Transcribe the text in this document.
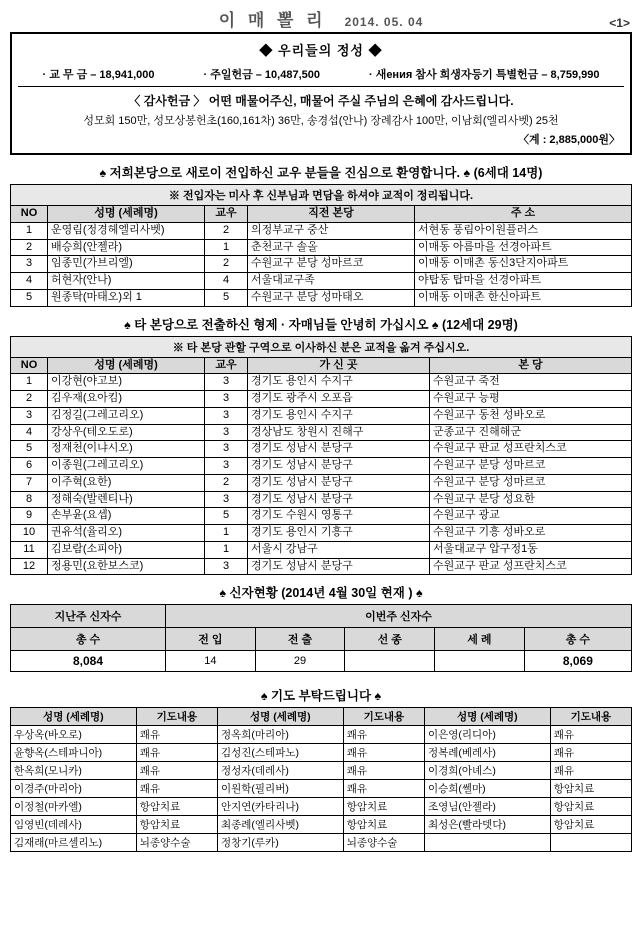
이 매 뽈 리 2014. 05. 04	<1>
◆ 우리들의 정성 ◆
· 교 무 금 – 18,941,000	· 주일헌금 – 10,487,500	· 새ения 참사 희생자등기 특별헌금 – 8,759,990
〈 감사헌금 〉 어떤 매물어주신, 매물어 주실 주님의 은혜에 감사드립니다.
성모회 150만, 성모상봉헌초(160,161차) 36만, 송경섭(안나) 장례감사 100만, 이남회(엘리사벳) 25천
〈계 : 2,885,000원〉
♠ 저희본당으로 새로이 전입하신 교우 분들을 진심으로 환영합니다. ♠ (6세대 14명)
※ 전입자는 미사 후 신부님과 면담을 하셔야 교적이 정리됩니다.
NO	성명 (세례명)	교우	직전 본당	주 소
1	운영림(정경헤엘리사벳)	2	의정부교구 중산	서현동 풍림아이원플러스
2	배승희(안젤라)	1	춘천교구 솔올	이매동 아름마을 선경아파트
3	임종민(가브리엘)	2	수원교구 분당 성마르코	이매동 이매촌 동신3단지아파트
4	허현자(안나)	4	서울대교구족	야탑동 탑마을 선경아파트
5	원종탁(마태오)외 1	5	수원교구 분당 성마태오	이매동 이매촌 한신아파트
♠ 타 본당으로 전출하신 형제 · 자매님들 안녕히 가십시오 ♠ (12세대 29명)
※ 타 본당 관할 구역으로 이사하신 분은 교적을 옮겨 주십시오.
NO	성명 (세례명)	교우	가 신 곳	본 당
1	이강현(야고보)	3	경기도 용인시 수지구	수원교구 죽전
2	김우재(요아킴)	3	경기도 광주시 오포읍	수원교구 능평
3	김정길(그레고리오)	3	경기도 용인시 수지구	수원교구 동천 성바오로
4	강상우(테오도로)	3	경상남도 창원시 진해구	군종교구 진해해군
5	정재천(이냐시오)	3	경기도 성남시 분당구	수원교구 판교 성프란치스코
6	이종원(그레고리오)	3	경기도 성남시 분당구	수원교구 분당 성마르코
7	이주혁(요한)	2	경기도 성남시 분당구	수원교구 분당 성마르코
8	정해숙(발렌티나)	3	경기도 성남시 분당구	수원교구 분당 성요한
9	손부윤(요셉)	5	경기도 수원시 영통구	수원교구 광교
10	권유석(율리오)	1	경기도 용인시 기흥구	수원교구 기흥 성바오로
11	김보람(소피아)	1	서울시 강남구	서울대교구 압구정1동
12	정용민(요한보스코)	3	경기도 성남시 분당구	수원교구 판교 성프란치스코
♠ 신자현황 (2014년 4월 30일 현재 ) ♠
지난주 신자수	이번주 신자수				
총 수	전 입	전 출	선 종	세 례	총 수
8,084	14	29			8,069
♠ 기도 부탁드립니다 ♠
성명 (세례명)	기도내용	성명 (세례명)	기도내용	성명 (세례명)	기도내용
우상옥(바오로)	쾌유	정옥희(마리아)	쾌유	이은영(리디아)	쾌유
윤향옥(스테파니아)	쾌유	김성진(스테파노)	쾌유	정복례(베레사)	쾌유
한옥희(모니카)	쾌유	정성자(데레사)	쾌유	이경희(아녜스)	쾌유
이경주(마리아)	쾌유	이원학(필리버)	쾌유	이승희(쎌마)	항암치료
이정철(마카엘)	항암치료	안지연(카타리나)	항암치료	조영님(안젤라)	항암치료
임영빈(데레사)	항암치료	최종례(엘리사벳)	항암치료	최성은(빨라뎃다)	항암치료
김재래(마르셀리노)	뇌종양수술	정창기(루카)	뇌종양수술		
